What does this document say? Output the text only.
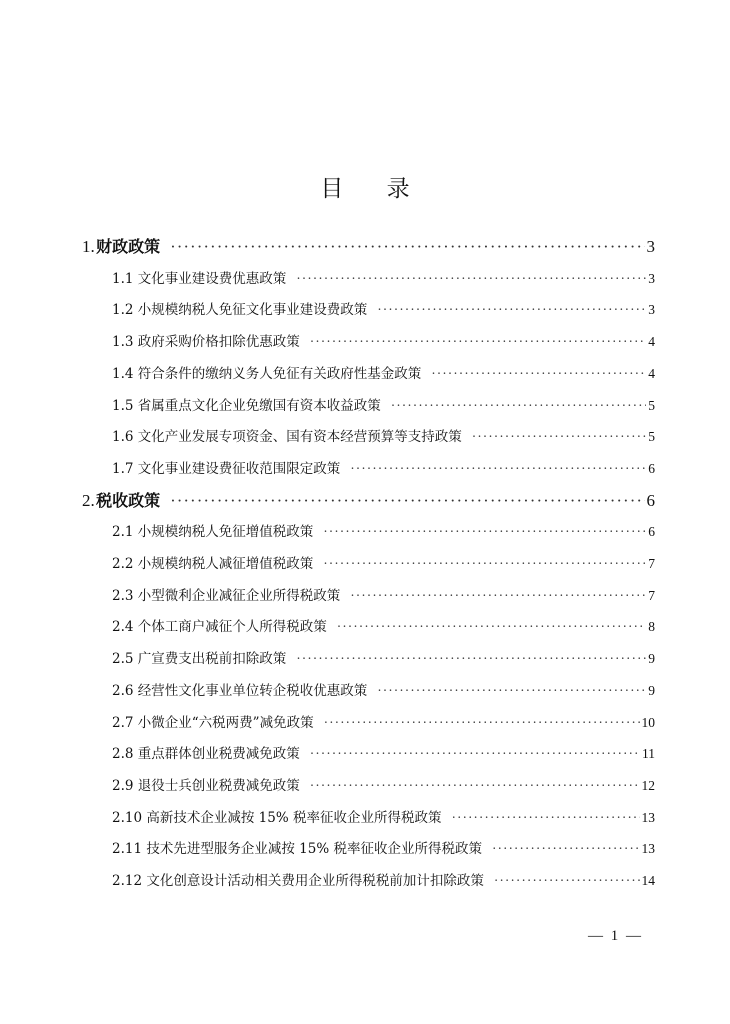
目 录
1. 财政政策 ·····	3
1.1 文化事业建设费优惠政策 ·····	3
1.2 小规模纳税人免征文化事业建设费政策 ·····	3
1.3 政府采购价格扣除优惠政策 ·····	4
1.4 符合条件的缴纳义务人免征有关政府性基金政策 ·····	4
1.5 省属重点文化企业免缴国有资本收益政策 ·····	5
1.6 文化产业发展专项资金、国有资本经营预算等支持政策 ·····	5
1.7 文化事业建设费征收范围限定政策 ·····	6
2. 税收政策 ·····	6
2.1 小规模纳税人免征增值税政策 ·····	6
2.2 小规模纳税人减征增值税政策 ·····	7
2.3 小型微利企业减征企业所得税政策 ·····	7
2.4 个体工商户减征个人所得税政策 ·····	8
2.5 广宣费支出税前扣除政策 ·····	9
2.6 经营性文化事业单位转企税收优惠政策 ·····	9
2.7 小微企业“六税两费”减免政策 ·····	10
2.8 重点群体创业税费减免政策 ·····	11
2.9 退役士兵创业税费减免政策 ·····	12
2.10 高新技术企业减按 15% 税率征收企业所得税政策 ·····	13
2.11 技术先进型服务企业减按 15% 税率征收企业所得税政策 ·····	13
2.12 文化创意设计活动相关费用企业所得税税前加计扣除政策 ·····	14
— 1 —
